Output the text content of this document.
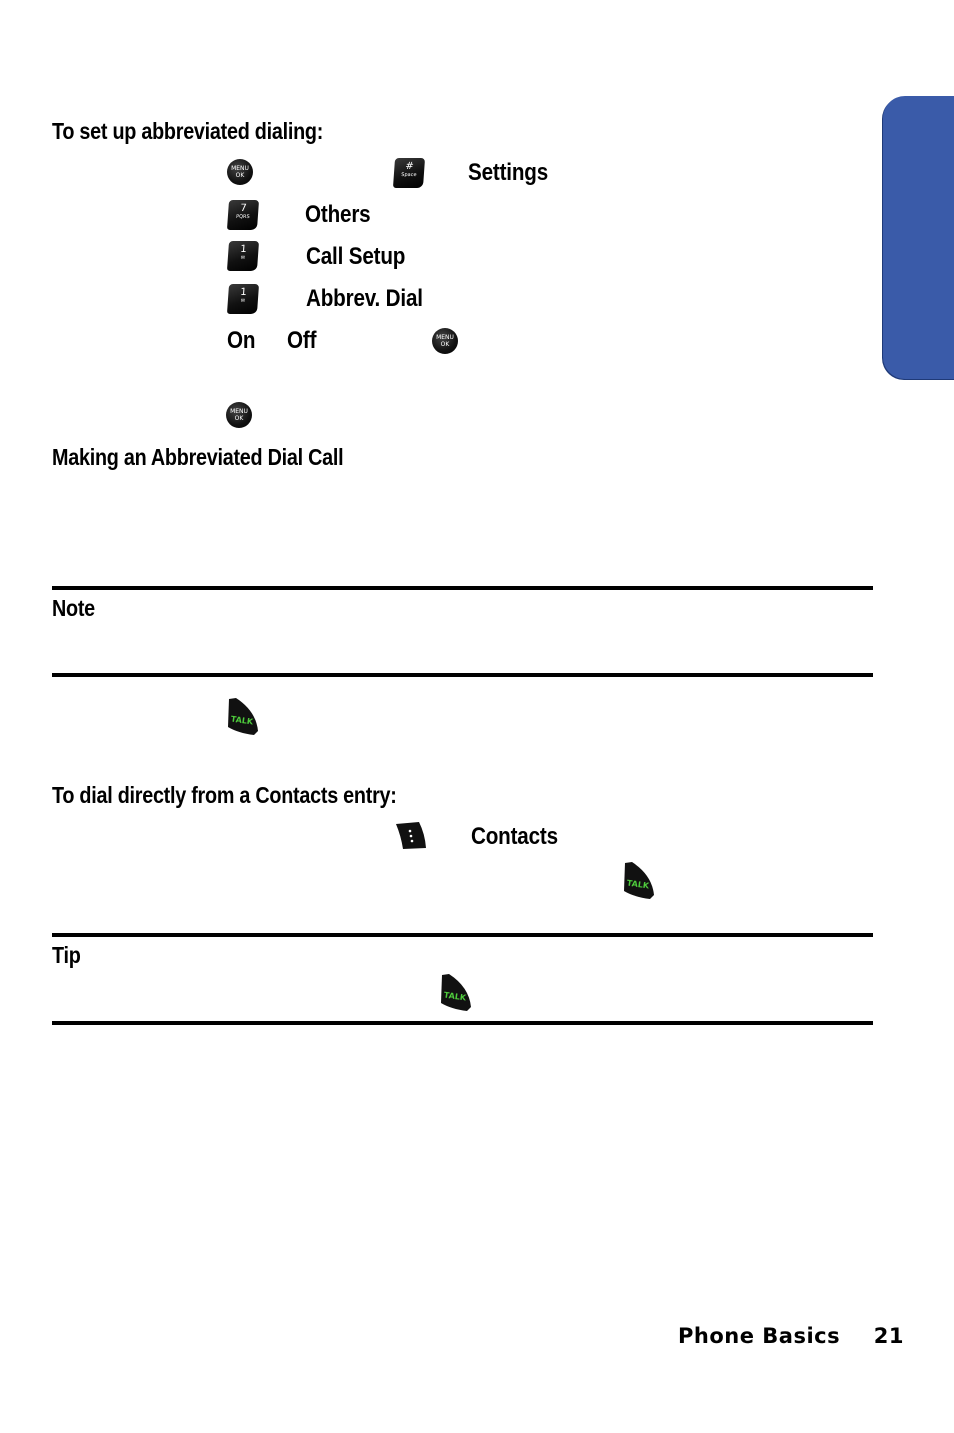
To set up abbreviated dialing:
MENU
OK
#
Space	Settings
7
PQRS	Others
1
✉	Call Setup
1
✉	Abbrev. Dial
On Off	MENU
OK
MENU
OK
Making an Abbreviated Dial Call
Note
TALK
To dial directly from a Contacts entry:
Contacts
TALK
Tip
TALK
Phone Basics 21
